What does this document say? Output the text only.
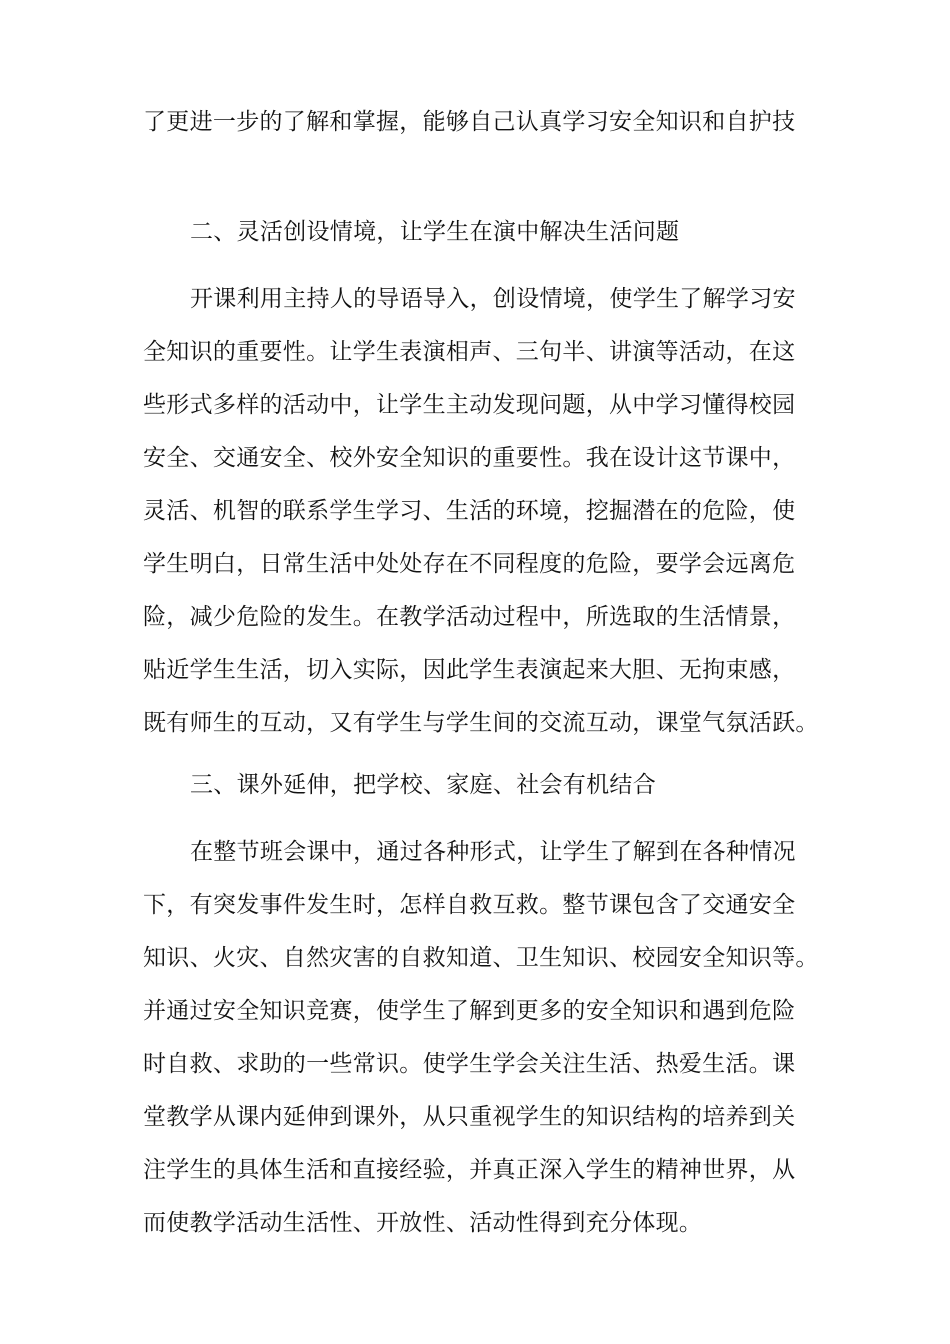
了更进一步的了解和掌握，能够自己认真学习安全知识和自护技
二、灵活创设情境，让学生在演中解决生活问题
开课利用主持人的导语导入，创设情境，使学生了解学习安
全知识的重要性。让学生表演相声、三句半、讲演等活动，在这
些形式多样的活动中，让学生主动发现问题，从中学习懂得校园
安全、交通安全、校外安全知识的重要性。我在设计这节课中，
灵活、机智的联系学生学习、生活的环境，挖掘潜在的危险，使
学生明白，日常生活中处处存在不同程度的危险，要学会远离危
险，减少危险的发生。在教学活动过程中，所选取的生活情景，
贴近学生生活，切入实际，因此学生表演起来大胆、无拘束感，
既有师生的互动，又有学生与学生间的交流互动，课堂气氛活跃。
三、课外延伸，把学校、家庭、社会有机结合
在整节班会课中，通过各种形式，让学生了解到在各种情况
下，有突发事件发生时，怎样自救互救。整节课包含了交通安全
知识、火灾、自然灾害的自救知道、卫生知识、校园安全知识等。
并通过安全知识竞赛，使学生了解到更多的安全知识和遇到危险
时自救、求助的一些常识。使学生学会关注生活、热爱生活。课
堂教学从课内延伸到课外，从只重视学生的知识结构的培养到关
注学生的具体生活和直接经验，并真正深入学生的精神世界，从
而使教学活动生活性、开放性、活动性得到充分体现。
